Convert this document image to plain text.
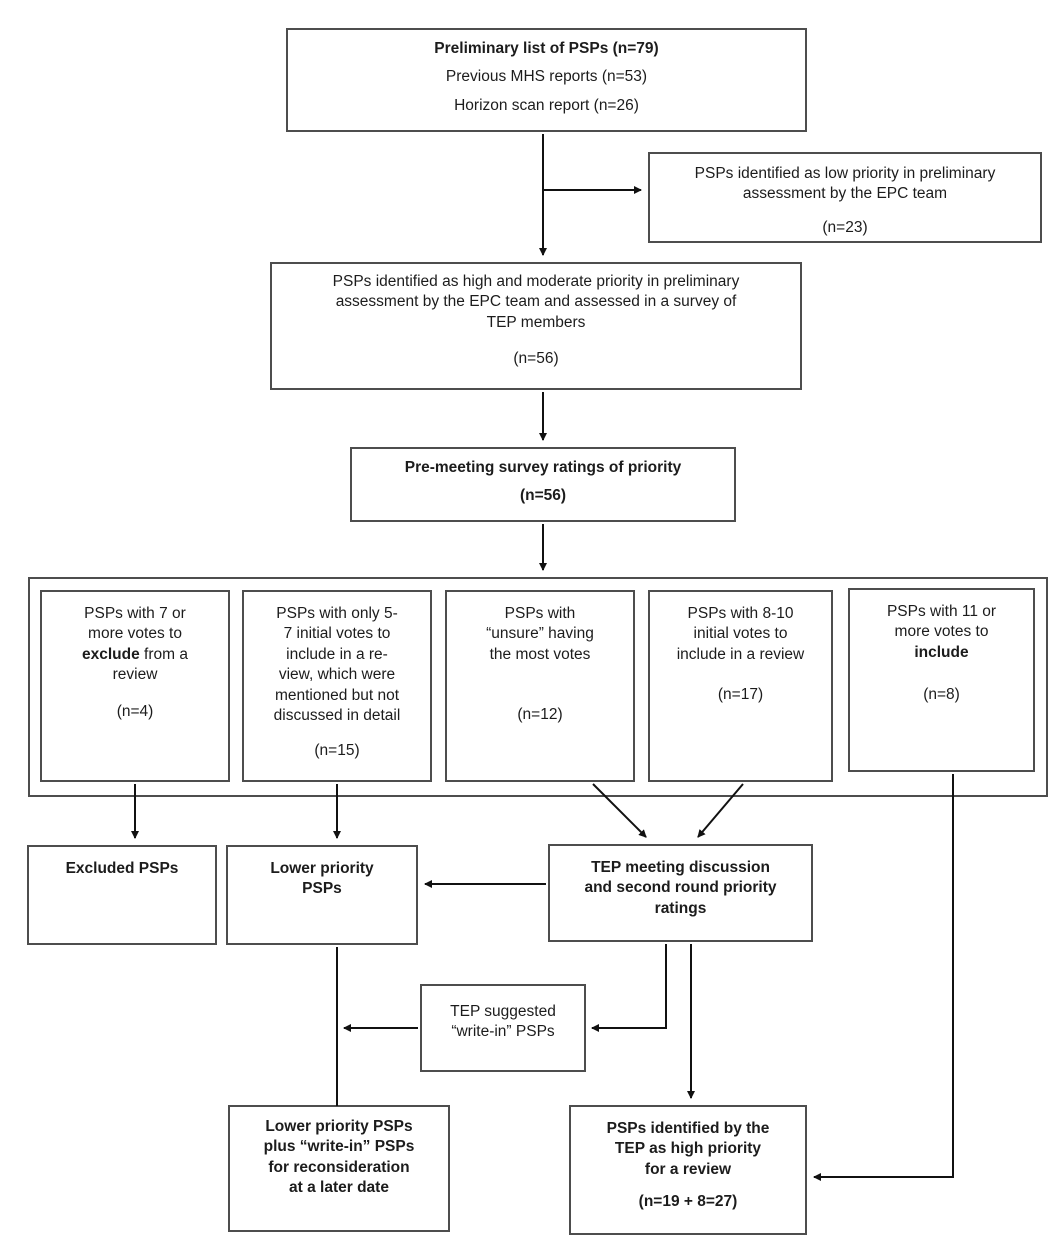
Preliminary list of PSPs (n=79)
Previous MHS reports (n=53)
Horizon scan report (n=26)
PSPs identified as low priority in preliminary
assessment by the EPC team
(n=23)
PSPs identified as high and moderate priority in preliminary
assessment by the EPC team and assessed in a survey of
TEP members
(n=56)
Pre-meeting survey ratings of priority
(n=56)
PSPs with 7 or
more votes to
exclude from a
review
(n=4)
PSPs with only 5-
7 initial votes to
include in a re-
view, which were
mentioned but not
discussed in detail
(n=15)
PSPs with
“unsure” having
the most votes
(n=12)
PSPs with 8-10
initial votes to
include in a review
(n=17)
PSPs with 11 or
more votes to
include
(n=8)
Excluded PSPs	Lower priority
PSPs
TEP meeting discussion
and second round priority
ratings
TEP suggested
“write-in” PSPs
Lower priority PSPs
plus “write-in” PSPs
for reconsideration
at a later date
PSPs identified by the
TEP as high priority
for a review
(n=19 + 8=27)
